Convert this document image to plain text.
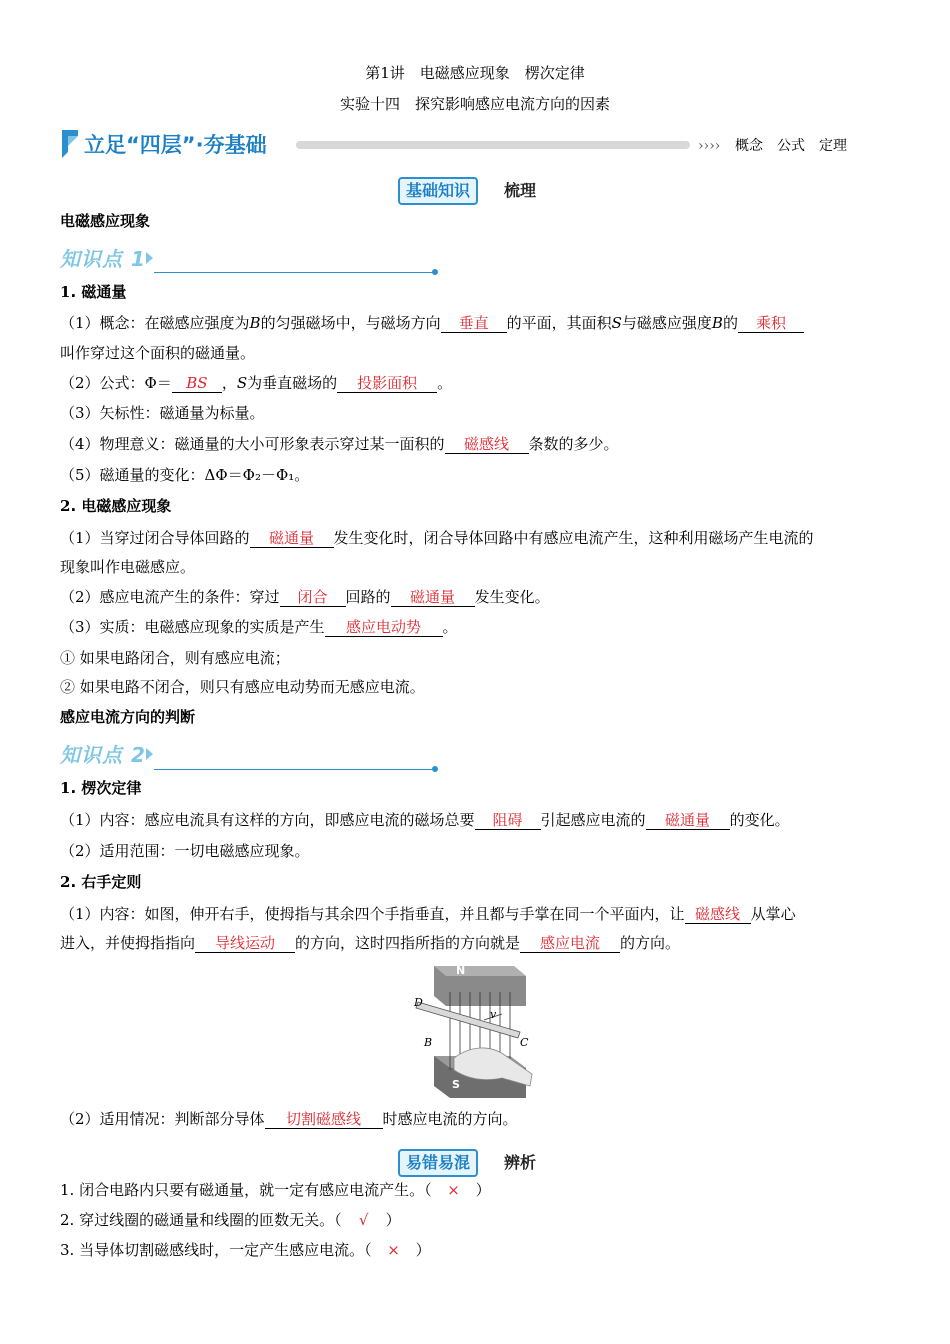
第1讲　电磁感应现象　楞次定律
实验十四　探究影响感应电流方向的因素
立足“四层”·夯基础	›››› 概念　公式　定理
基础知识	梳理
电磁感应现象
知识点 1
1. 磁通量
（1）概念：在磁感应强度为B的匀强磁场中，与磁场方向 垂直 的平面，其面积S与磁感应强度B的 乘积
叫作穿过这个面积的磁通量。
（2）公式：Φ＝ BS ，S为垂直磁场的 投影面积 。
（3）矢标性：磁通量为标量。
（4）物理意义：磁通量的大小可形象表示穿过某一面积的 磁感线 条数的多少。
（5）磁通量的变化：ΔΦ＝Φ₂－Φ₁。
2. 电磁感应现象
（1）当穿过闭合导体回路的 磁通量 发生变化时，闭合导体回路中有感应电流产生，这种利用磁场产生电流的
现象叫作电磁感应。
（2）感应电流产生的条件：穿过 闭合 回路的 磁通量 发生变化。
（3）实质：电磁感应现象的实质是产生 感应电动势 。
① 如果电路闭合，则有感应电流；
② 如果电路不闭合，则只有感应电动势而无感应电流。
感应电流方向的判断
知识点 2
1. 楞次定律
（1）内容：感应电流具有这样的方向，即感应电流的磁场总要 阻碍 引起感应电流的 磁通量 的变化。
（2）适用范围：一切电磁感应现象。
2. 右手定则
（1）内容：如图，伸开右手，使拇指与其余四个手指垂直，并且都与手掌在同一个平面内，让 磁感线 从掌心
进入，并使拇指指向 导线运动 的方向，这时四指所指的方向就是 感应电流 的方向。
D
C
B
v
N
S
（2）适用情况：判断部分导体 切割磁感线 时感应电流的方向。
易错易混	辨析
1. 闭合电路内只要有磁通量，就一定有感应电流产生。（ × ）
2. 穿过线圈的磁通量和线圈的匝数无关。（ √ ）
3. 当导体切割磁感线时，一定产生感应电流。（ × ）
